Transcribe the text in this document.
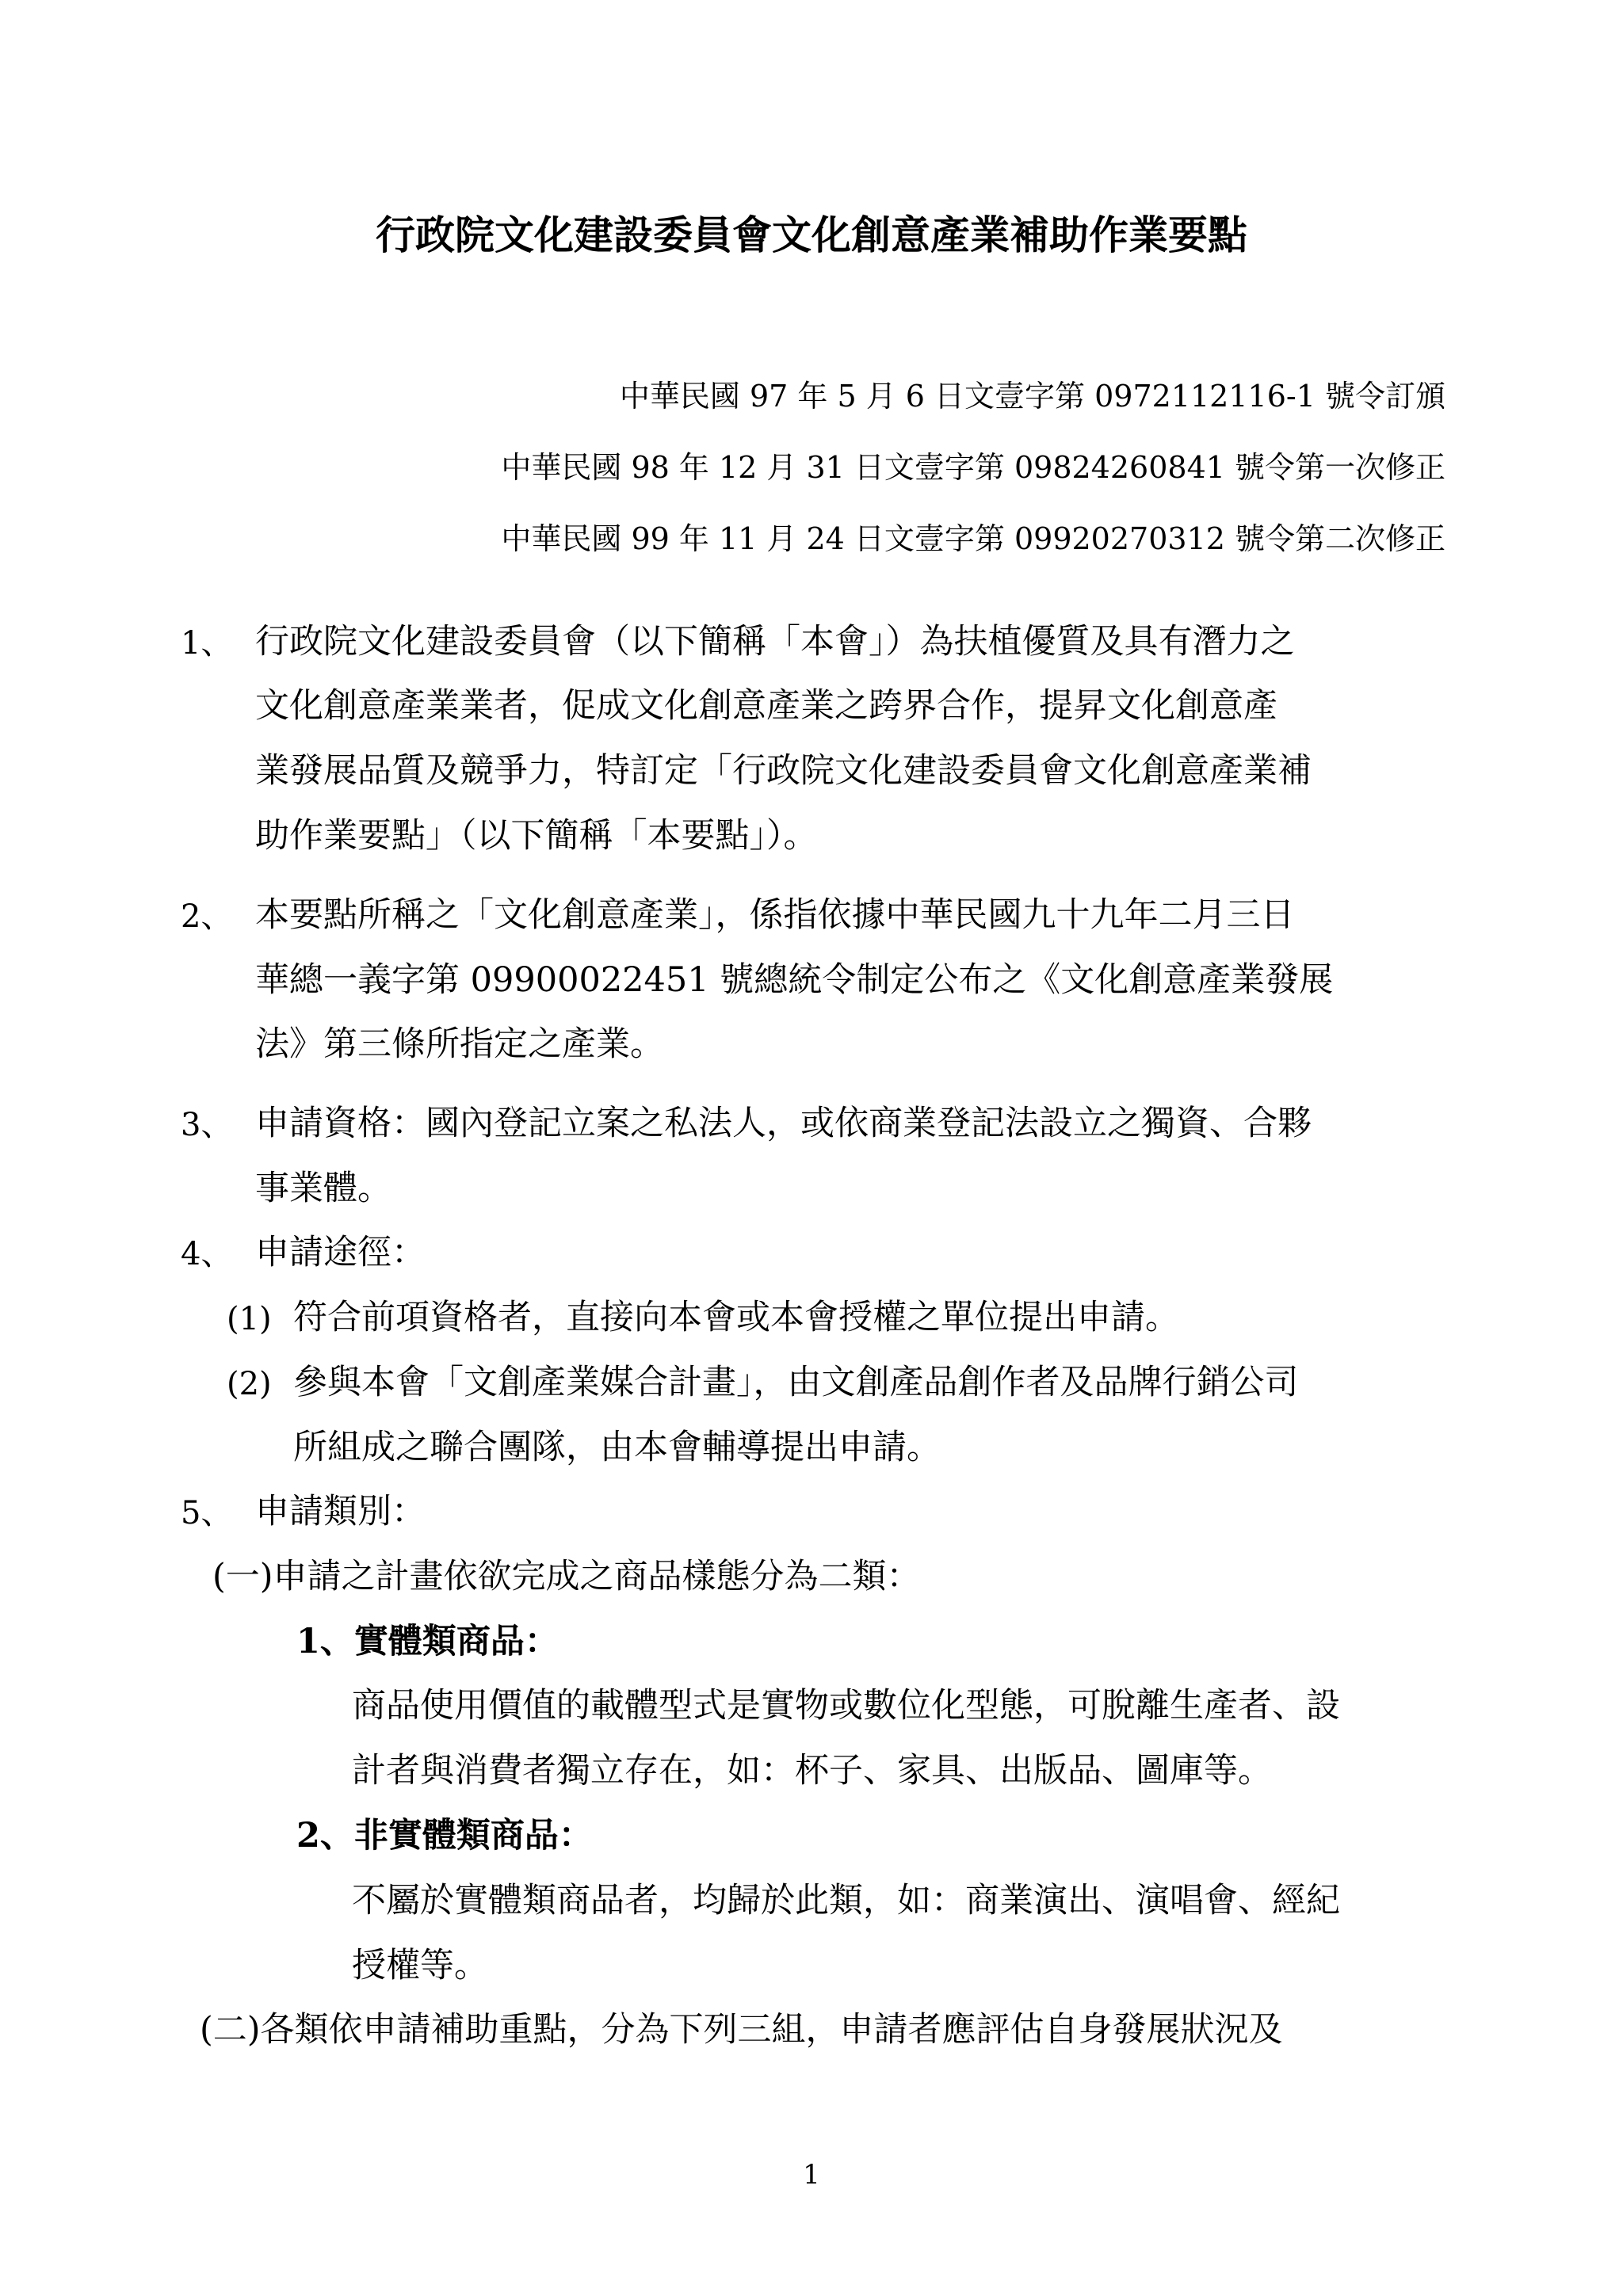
行政院文化建設委員會文化創意產業補助作業要點
中華民國 97 年 5 月 6 日文壹字第 0972112116-1 號令訂頒
中華民國 98 年 12 月 31 日文壹字第 09824260841 號令第一次修正
中華民國 99 年 11 月 24 日文壹字第 09920270312 號令第二次修正
1、 行政院文化建設委員會（以下簡稱「本會」）為扶植優質及具有潛力之
文化創意產業業者，促成文化創意產業之跨界合作，提昇文化創意產
業發展品質及競爭力，特訂定「行政院文化建設委員會文化創意產業補
助作業要點」（以下簡稱「本要點」）。
2、 本要點所稱之「文化創意產業」，係指依據中華民國九十九年二月三日
華總一義字第 09900022451 號總統令制定公布之《文化創意產業發展
法》第三條所指定之產業。
3、 申請資格：國內登記立案之私法人，或依商業登記法設立之獨資、合夥
事業體。
4、 申請途徑：
(1) 符合前項資格者，直接向本會或本會授權之單位提出申請。
(2) 參與本會「文創產業媒合計畫」，由文創產品創作者及品牌行銷公司
所組成之聯合團隊，由本會輔導提出申請。
5、 申請類別：
(一)申請之計畫依欲完成之商品樣態分為二類：
1、實體類商品：
商品使用價值的載體型式是實物或數位化型態，可脫離生產者、設
計者與消費者獨立存在，如：杯子、家具、出版品、圖庫等。
2、非實體類商品：
不屬於實體類商品者，均歸於此類，如：商業演出、演唱會、經紀
授權等。
(二)各類依申請補助重點，分為下列三組，申請者應評估自身發展狀況及
1
